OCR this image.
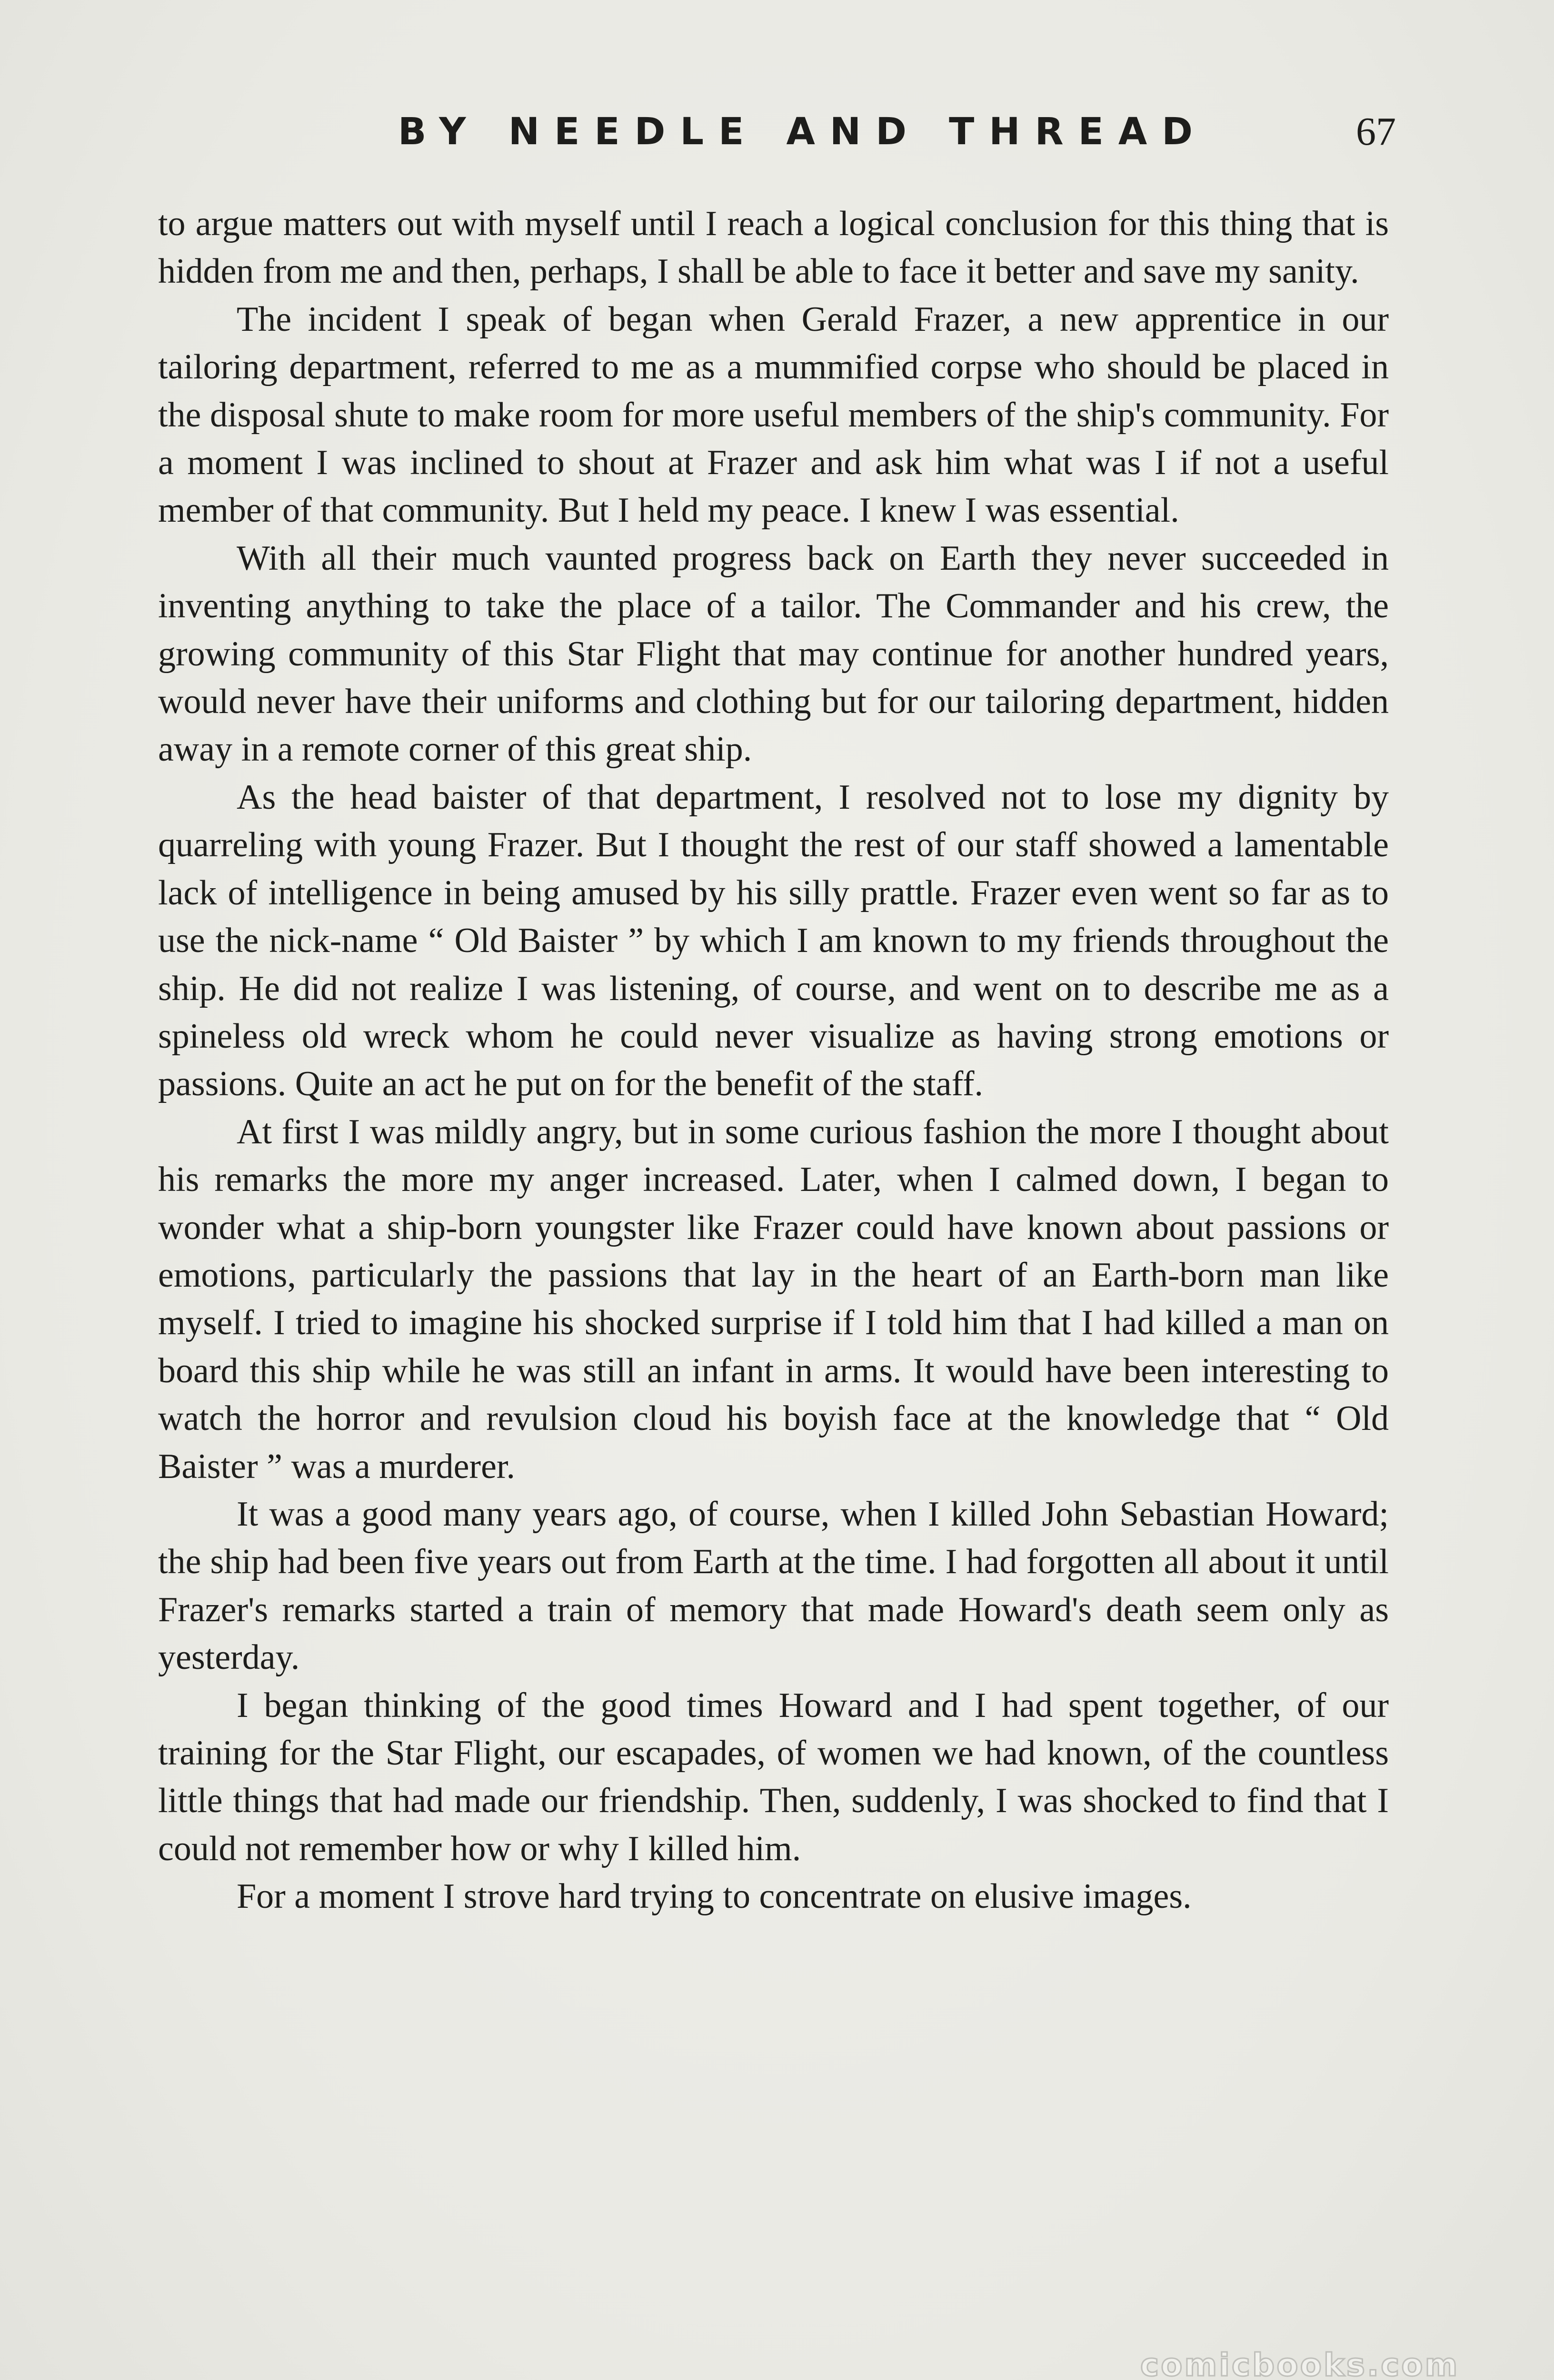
BY NEEDLE AND THREAD	67

to argue matters out with myself until I reach a logical conclusion for this thing that is hidden from me and then, perhaps, I shall be able to face it better and save my sanity.

The incident I speak of began when Gerald Frazer, a new apprentice in our tailoring department, referred to me as a mummified corpse who should be placed in the disposal shute to make room for more useful members of the ship's community. For a moment I was inclined to shout at Frazer and ask him what was I if not a useful member of that community. But I held my peace. I knew I was essential.

With all their much vaunted progress back on Earth they never succeeded in inventing anything to take the place of a tailor. The Commander and his crew, the growing community of this Star Flight that may continue for another hundred years, would never have their uniforms and clothing but for our tailoring department, hidden away in a remote corner of this great ship.

As the head baister of that department, I resolved not to lose my dignity by quarreling with young Frazer. But I thought the rest of our staff showed a lamentable lack of intelligence in being amused by his silly prattle. Frazer even went so far as to use the nick-name “ Old Baister ” by which I am known to my friends throughout the ship. He did not realize I was listening, of course, and went on to describe me as a spineless old wreck whom he could never visualize as having strong emotions or passions. Quite an act he put on for the benefit of the staff.

At first I was mildly angry, but in some curious fashion the more I thought about his remarks the more my anger increased. Later, when I calmed down, I began to wonder what a ship-born youngster like Frazer could have known about passions or emotions, particularly the passions that lay in the heart of an Earth-born man like myself. I tried to imagine his shocked surprise if I told him that I had killed a man on board this ship while he was still an infant in arms. It would have been interesting to watch the horror and revulsion cloud his boyish face at the knowledge that “ Old Baister ” was a murderer.

It was a good many years ago, of course, when I killed John Sebastian Howard; the ship had been five years out from Earth at the time. I had forgotten all about it until Frazer's remarks started a train of memory that made Howard's death seem only as yesterday.

I began thinking of the good times Howard and I had spent together, of our training for the Star Flight, our escapades, of women we had known, of the countless little things that had made our friendship. Then, suddenly, I was shocked to find that I could not remember how or why I killed him.

For a moment I strove hard trying to concentrate on elusive images.

comicbooks.com
